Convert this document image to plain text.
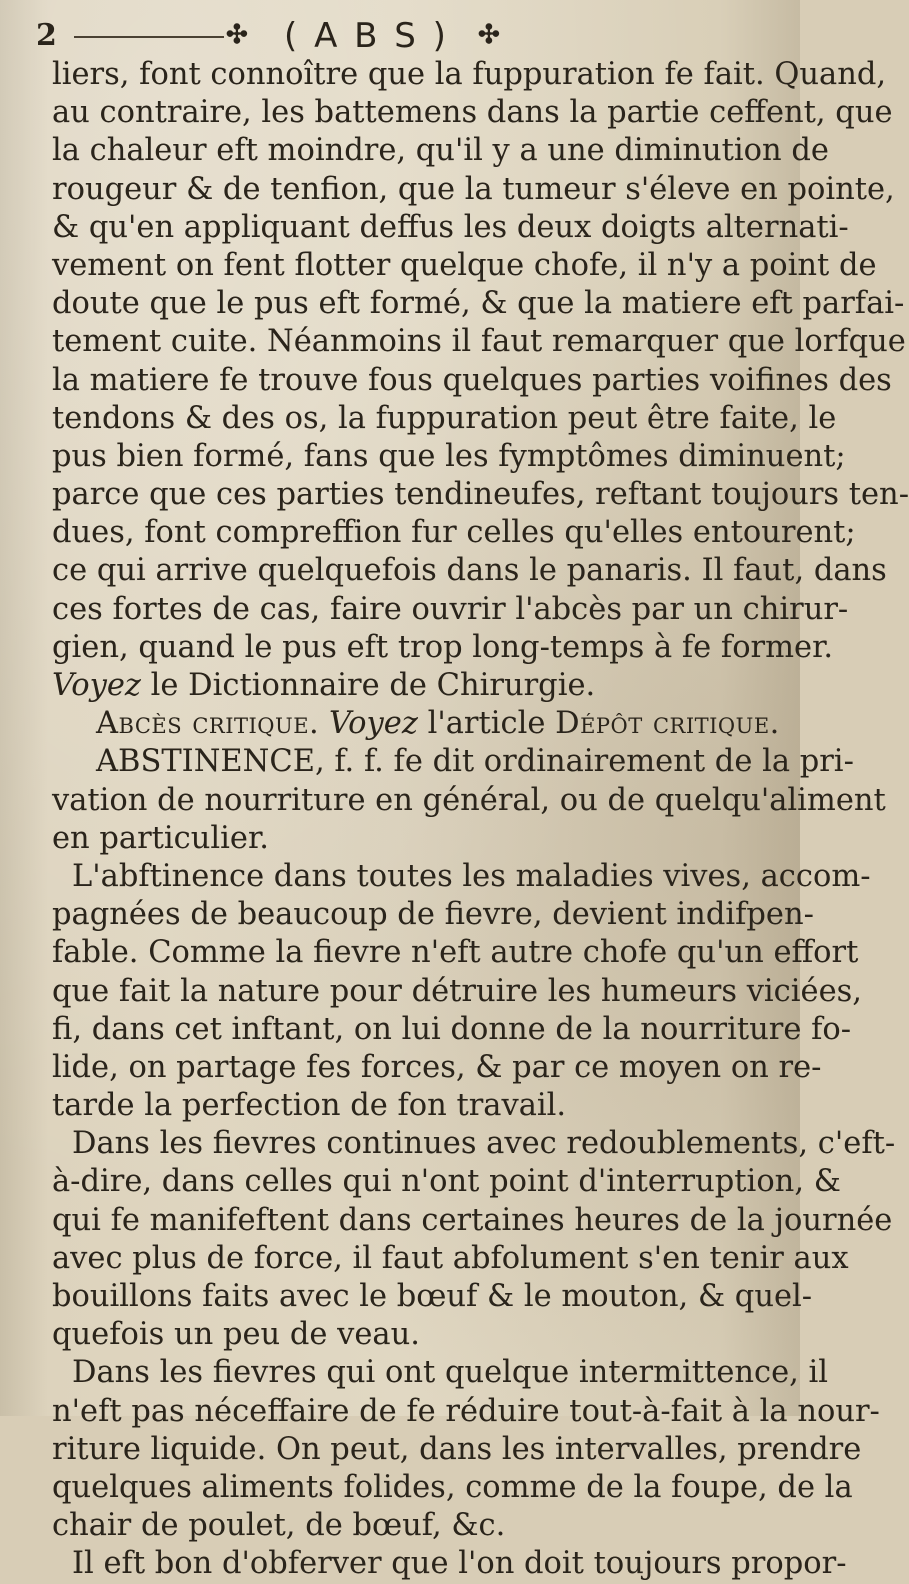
2	✣ ( A B S ) ✣
liers, font connoître que la fuppuration fe fait. Quand,
au contraire, les battemens dans la partie ceffent, que
la chaleur eft moindre, qu'il y a une diminution de
rougeur & de tenfion, que la tumeur s'éleve en pointe,
& qu'en appliquant deffus les deux doigts alternati-
vement on fent flotter quelque chofe, il n'y a point de
doute que le pus eft formé, & que la matiere eft parfai-
tement cuite. Néanmoins il faut remarquer que lorfque
la matiere fe trouve fous quelques parties voifines des
tendons & des os, la fuppuration peut être faite, le
pus bien formé, fans que les fymptômes diminuent;
parce que ces parties tendineufes, reftant toujours ten-
dues, font compreffion fur celles qu'elles entourent;
ce qui arrive quelquefois dans le panaris. Il faut, dans
ces fortes de cas, faire ouvrir l'abcès par un chirur-
gien, quand le pus eft trop long-temps à fe former.
Voyez le Dictionnaire de Chirurgie.
Abcès critique. Voyez l'article Dépôt critique.
ABSTINENCE, f. f. fe dit ordinairement de la pri-
vation de nourriture en général, ou de quelqu'aliment
en particulier.
L'abftinence dans toutes les maladies vives, accom-
pagnées de beaucoup de fievre, devient indifpen-
fable. Comme la fievre n'eft autre chofe qu'un effort
que fait la nature pour détruire les humeurs viciées,
fi, dans cet inftant, on lui donne de la nourriture fo-
lide, on partage fes forces, & par ce moyen on re-
tarde la perfection de fon travail.
Dans les fievres continues avec redoublements, c'eft-
à-dire, dans celles qui n'ont point d'interruption, &
qui fe manifeftent dans certaines heures de la journée
avec plus de force, il faut abfolument s'en tenir aux
bouillons faits avec le bœuf & le mouton, & quel-
quefois un peu de veau.
Dans les fievres qui ont quelque intermittence, il
n'eft pas néceffaire de fe réduire tout-à-fait à la nour-
riture liquide. On peut, dans les intervalles, prendre
quelques aliments folides, comme de la foupe, de la
chair de poulet, de bœuf, &c.
Il eft bon d'obferver que l'on doit toujours propor-
